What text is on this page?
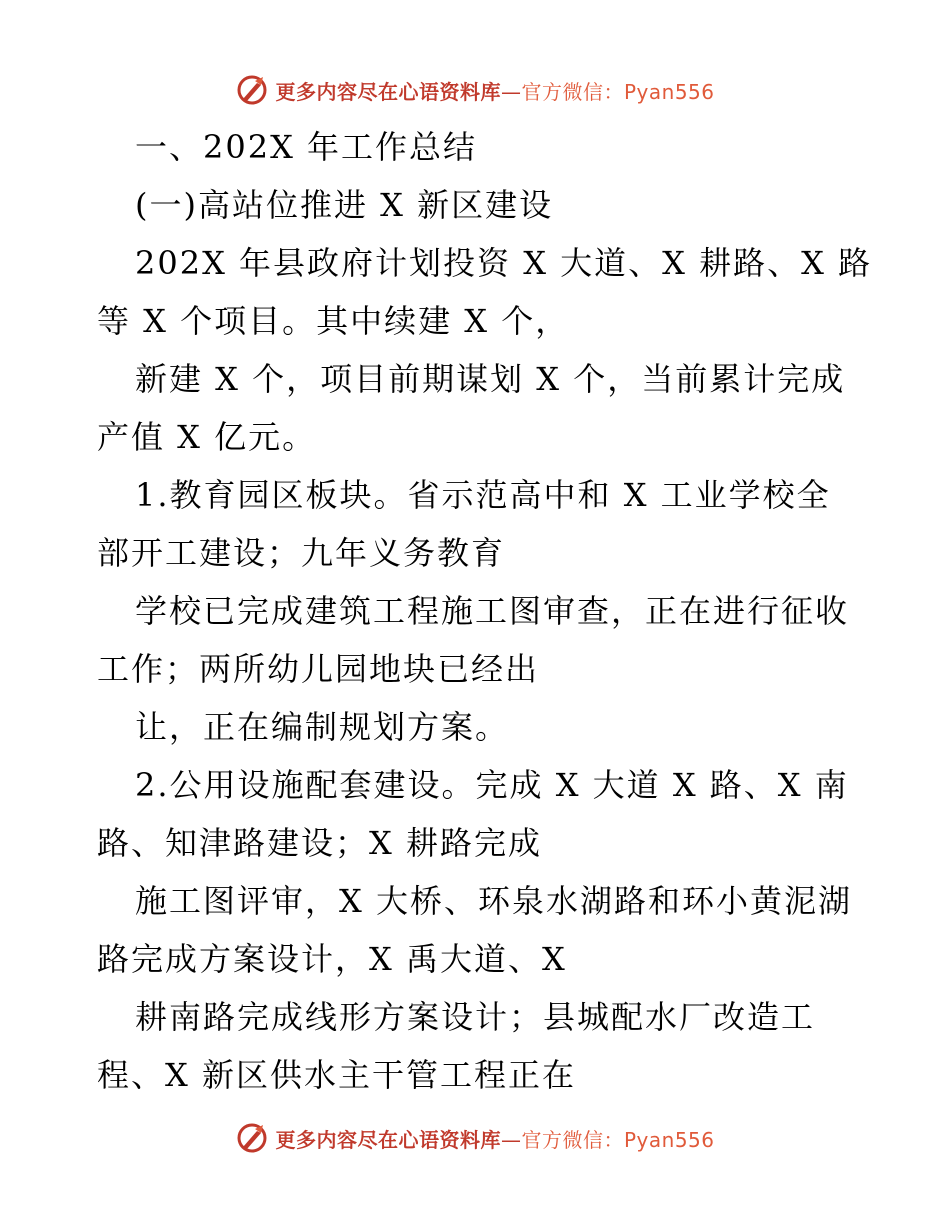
更多内容尽在心语资料库—官方微信：Pyan556
一、202X 年工作总结
(一)高站位推进 X 新区建设
202X 年县政府计划投资 X 大道、X 耕路、X 路
等 X 个项目。其中续建 X 个，
新建 X 个，项目前期谋划 X 个，当前累计完成
产值 X 亿元。
1.教育园区板块。省示范高中和 X 工业学校全
部开工建设；九年义务教育
学校已完成建筑工程施工图审查，正在进行征收
工作；两所幼儿园地块已经出
让，正在编制规划方案。
2.公用设施配套建设。完成 X 大道 X 路、X 南
路、知津路建设；X 耕路完成
施工图评审，X 大桥、环泉水湖路和环小黄泥湖
路完成方案设计，X 禹大道、X
耕南路完成线形方案设计；县城配水厂改造工
程、X 新区供水主干管工程正在
更多内容尽在心语资料库—官方微信：Pyan556
